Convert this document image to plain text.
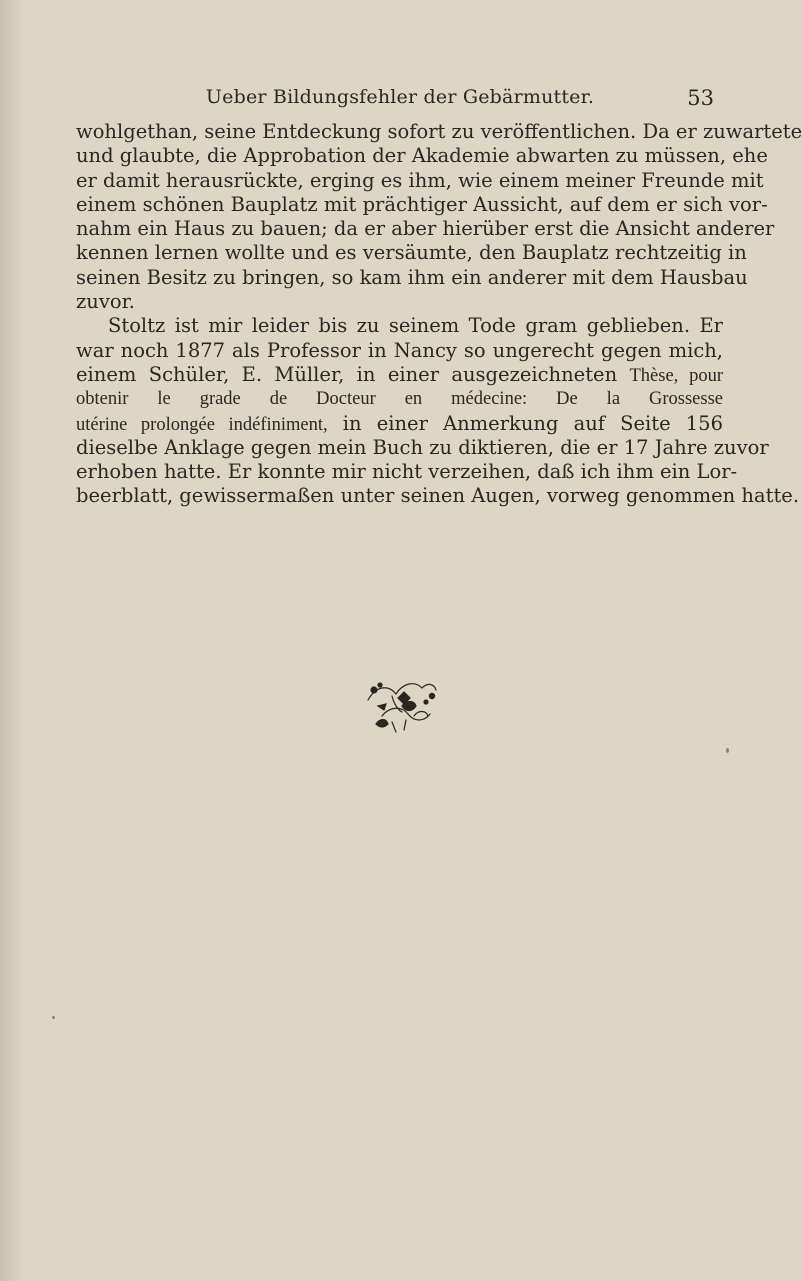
Ueber Bildungsfehler der Gebärmutter.	53
wohlgethan, seine Entdeckung sofort zu veröffentlichen. Da er zuwartete
und glaubte, die Approbation der Akademie abwarten zu müssen, ehe
er damit herausrückte, erging es ihm, wie einem meiner Freunde mit
einem schönen Bauplatz mit prächtiger Aussicht, auf dem er sich vor-
nahm ein Haus zu bauen; da er aber hierüber erst die Ansicht anderer
kennen lernen wollte und es versäumte, den Bauplatz rechtzeitig in
seinen Besitz zu bringen, so kam ihm ein anderer mit dem Hausbau
zuvor.
Stoltz ist mir leider bis zu seinem Tode gram geblieben. Er
war noch 1877 als Professor in Nancy so ungerecht gegen mich,
einem Schüler, E. Müller, in einer ausgezeichneten Thèse, pour
obtenir le grade de Docteur en médecine: De la Grossesse
utérine prolongée indéfiniment, in einer Anmerkung auf Seite 156
dieselbe Anklage gegen mein Buch zu diktieren, die er 17 Jahre zuvor
erhoben hatte. Er konnte mir nicht verzeihen, daß ich ihm ein Lor-
beerblatt, gewissermaßen unter seinen Augen, vorweg genommen hatte.
